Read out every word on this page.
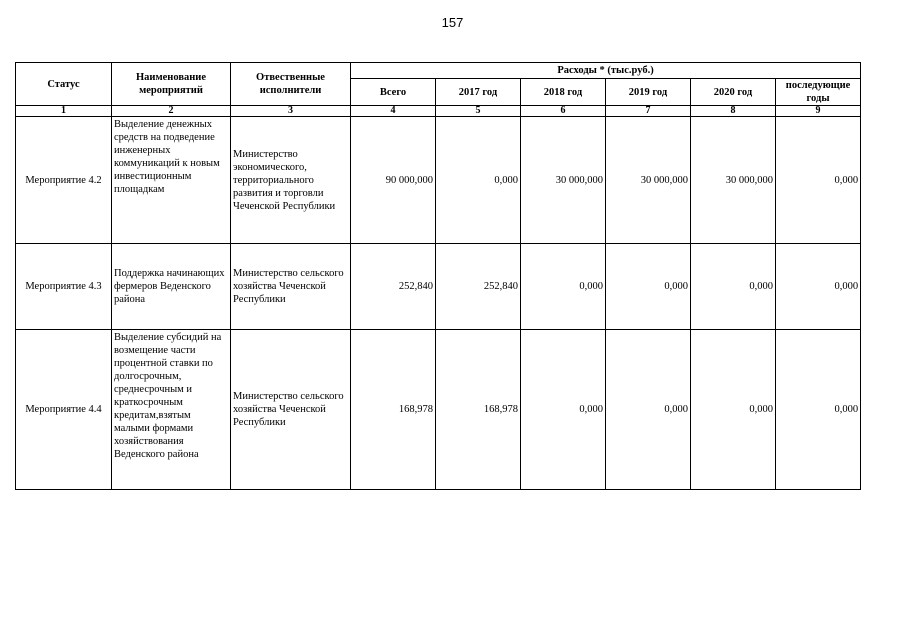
157
Статус	Наименование мероприятий	Отвественные исполнители	Расходы * (тыс.руб.)					
			Всего	2017 год	2018 год	2019 год	2020 год	последующие годы
1	2	3	4	5	6	7	8	9
Мероприятие 4.2	Выделение денежных средств на подведение инженерных коммуникаций к новым инвестиционным площадкам	Министерство экономического, территориального развития и торговли Чеченской Республики	90 000,000	0,000	30 000,000	30 000,000	30 000,000	0,000
Мероприятие 4.3	Поддержка начинающих фермеров Веденского района	Министерство сельского хозяйства Чеченской Республики	252,840	252,840	0,000	0,000	0,000	0,000
Мероприятие 4.4	Выделение субсидий на возмещение части процентной ставки по долгосрочным, среднесрочным и краткосрочным кредитам,взятым малыми формами хозяйствования Веденского района	Министерство сельского хозяйства Чеченской Республики	168,978	168,978	0,000	0,000	0,000	0,000
